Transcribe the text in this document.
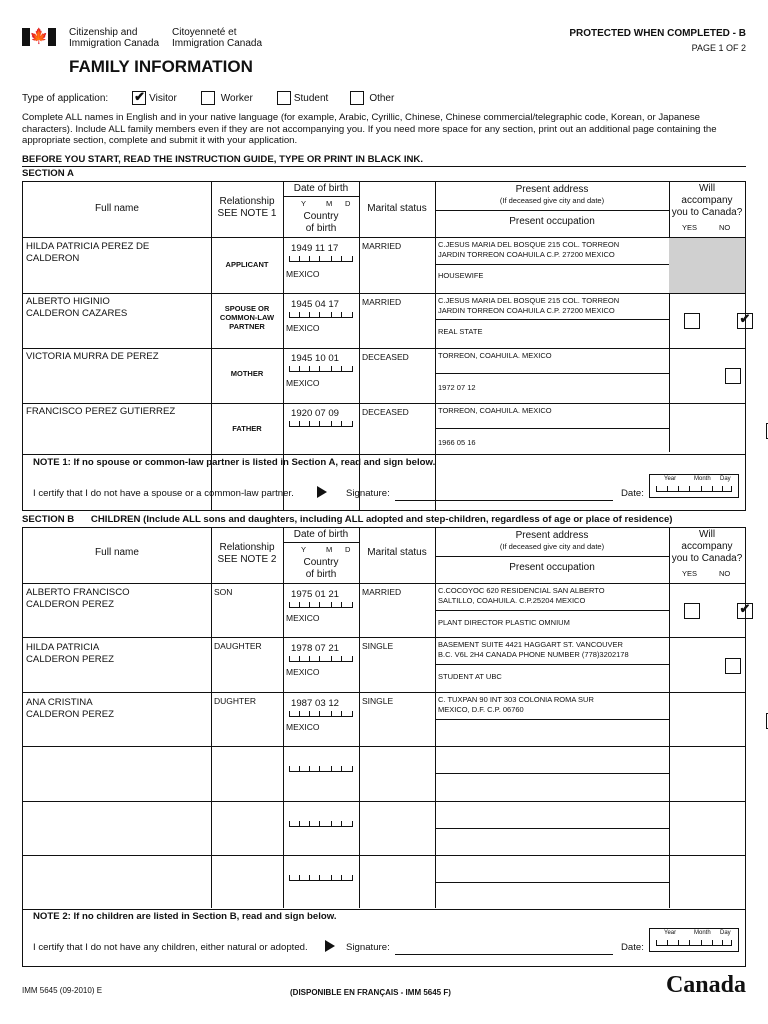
🍁 Citizenship and
Immigration Canada
Citoyenneté et
Immigration Canada
FAMILY INFORMATION
PROTECTED WHEN COMPLETED - B
PAGE 1 OF 2
Type of application:
✔	Visitor	Worker	Student	Other
Complete ALL names in English and in your native language (for example, Arabic, Cyrillic, Chinese, Chinese commercial/telegraphic code, Korean, or Japanese characters). Include ALL family members even if they are not accompanying you. If you need more space for any section, print out an additional page containing the appropriate section, complete and submit it with your application.
BEFORE YOU START, READ THE INSTRUCTION GUIDE, TYPE OR PRINT IN BLACK INK.
SECTION A
Full name
Relationship
SEE NOTE 1
Date of birth
Y	M D
Country
of birth
Marital status
Present address
(If deceased give city and date)
Present occupation
Will
accompany
you to Canada?
YES	NO
HILDA PATRICIA PEREZ DE
CALDERON
APPLICANT
1949 11 17
MEXICO
MARRIED	C.JESUS MARIA DEL BOSQUE 215 COL. TORREON
JARDIN TORREON COAHUILA C.P. 27200 MEXICO
HOUSEWIFE
ALBERTO HIGINIO
CALDERON CAZARES	SPOUSE OR
COMMON-LAW
PARTNER
1945 04 17
MEXICO
MARRIED	C.JESUS MARIA DEL BOSQUE 215 COL. TORREON
JARDIN TORREON COAHUILA C.P. 27200 MEXICO
REAL STATE
✔
VICTORIA MURRA DE PEREZ
MOTHER
1945 10 01
MEXICO
DECEASED	TORREON, COAHUILA. MEXICO
1972 07 12

FRANCISCO PEREZ GUTIERREZ
FATHER
1920 07 09	DECEASED	TORREON, COAHUILA. MEXICO
1966 05 16

NOTE 1: If no spouse or common-law partner is listed in Section A, read and sign below.
I certify that I do not have a spouse or a common-law partner.	Signature:	Date:
Year	Month Day
SECTION B CHILDREN (Include ALL sons and daughters, including ALL adopted and step-children, regardless of age or place of residence)
Full name	Relationship
SEE NOTE 2
Date of birth
Y	M D
Country
of birth
Marital status
Present address
(If deceased give city and date)
Present occupation
Will
accompany
you to Canada?
YES	NO
ALBERTO FRANCISCO
CALDERON PEREZ
SON	1975 01 21
MEXICO
MARRIED	C.COCOYOC 620 RESIDENCIAL SAN ALBERTO
SALTILLO, COAHUILA. C.P.25204 MEXICO
PLANT DIRECTOR PLASTIC OMNIUM
✔
HILDA PATRICIA
CALDERON PEREZ
DAUGHTER	1978 07 21
MEXICO
SINGLE	BASEMENT SUITE 4421 HAGGART ST. VANCOUVER
B.C. V6L 2H4 CANADA PHONE NUMBER (778)3202178
STUDENT AT UBC

ANA CRISTINA
CALDERON PEREZ
DUGHTER	1987 03 12
MEXICO
SINGLE	C. TUXPAN 90 INT 303 COLONIA ROMA SUR
MEXICO, D.F. C.P. 06760

NOTE 2: If no children are listed in Section B, read and sign below.
I certify that I do not have any children, either natural or adopted.	Signature:	Date:
Year	Month Day
IMM 5645 (09-2010) E	(DISPONIBLE EN FRANÇAIS - IMM 5645 F)	Canada
